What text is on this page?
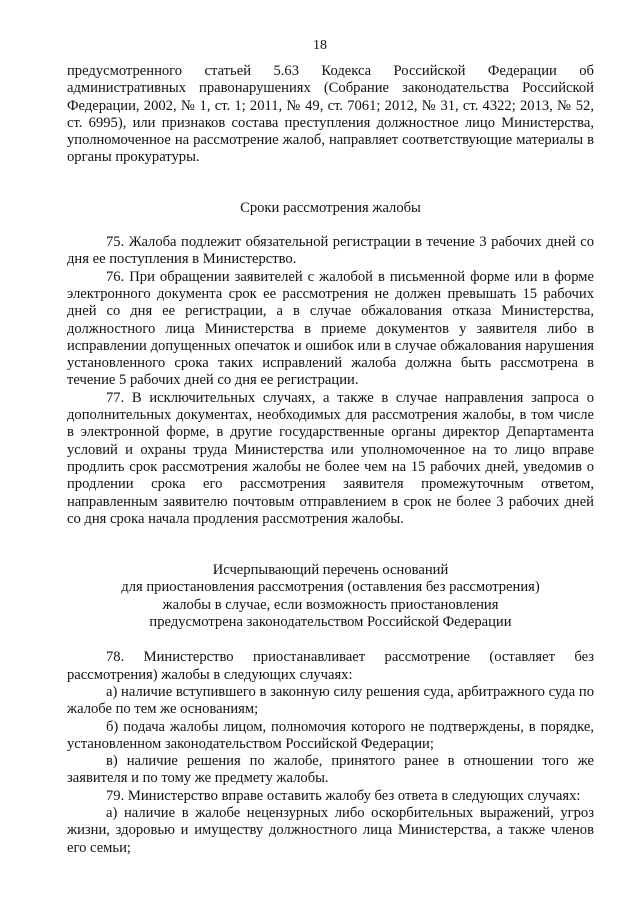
18

предусмотренного статьей 5.63 Кодекса Российской Федерации об административных правонарушениях (Собрание законодательства Российской Федерации, 2002, № 1, ст. 1; 2011, № 49, ст. 7061; 2012, № 31, ст. 4322; 2013, № 52, ст. 6995), или признаков состава преступления должностное лицо Министерства, уполномоченное на рассмотрение жалоб, направляет соответствующие материалы в органы прокуратуры.

Сроки рассмотрения жалобы

75. Жалоба подлежит обязательной регистрации в течение 3 рабочих дней со дня ее поступления в Министерство.

76. При обращении заявителей с жалобой в письменной форме или в форме электронного документа срок ее рассмотрения не должен превышать 15 рабочих дней со дня ее регистрации, а в случае обжалования отказа Министерства, должностного лица Министерства в приеме документов у заявителя либо в исправлении допущенных опечаток и ошибок или в случае обжалования нарушения установленного срока таких исправлений жалоба должна быть рассмотрена в течение 5 рабочих дней со дня ее регистрации.

77. В исключительных случаях, а также в случае направления запроса о дополнительных документах, необходимых для рассмотрения жалобы, в том числе в электронной форме, в другие государственные органы директор Департамента условий и охраны труда Министерства или уполномоченное на то лицо вправе продлить срок рассмотрения жалобы не более чем на 15 рабочих дней, уведомив о продлении срока его рассмотрения заявителя промежуточным ответом, направленным заявителю почтовым отправлением в срок не более 3 рабочих дней со дня срока начала продления рассмотрения жалобы.

Исчерпывающий перечень оснований
для приостановления рассмотрения (оставления без рассмотрения)
жалобы в случае, если возможность приостановления
предусмотрена законодательством Российской Федерации

78. Министерство приостанавливает рассмотрение (оставляет без рассмотрения) жалобы в следующих случаях:

а) наличие вступившего в законную силу решения суда, арбитражного суда по жалобе по тем же основаниям;

б) подача жалобы лицом, полномочия которого не подтверждены, в порядке, установленном законодательством Российской Федерации;

в) наличие решения по жалобе, принятого ранее в отношении того же заявителя и по тому же предмету жалобы.

79. Министерство вправе оставить жалобу без ответа в следующих случаях:

а) наличие в жалобе нецензурных либо оскорбительных выражений, угроз жизни, здоровью и имуществу должностного лица Министерства, а также членов его семьи;
